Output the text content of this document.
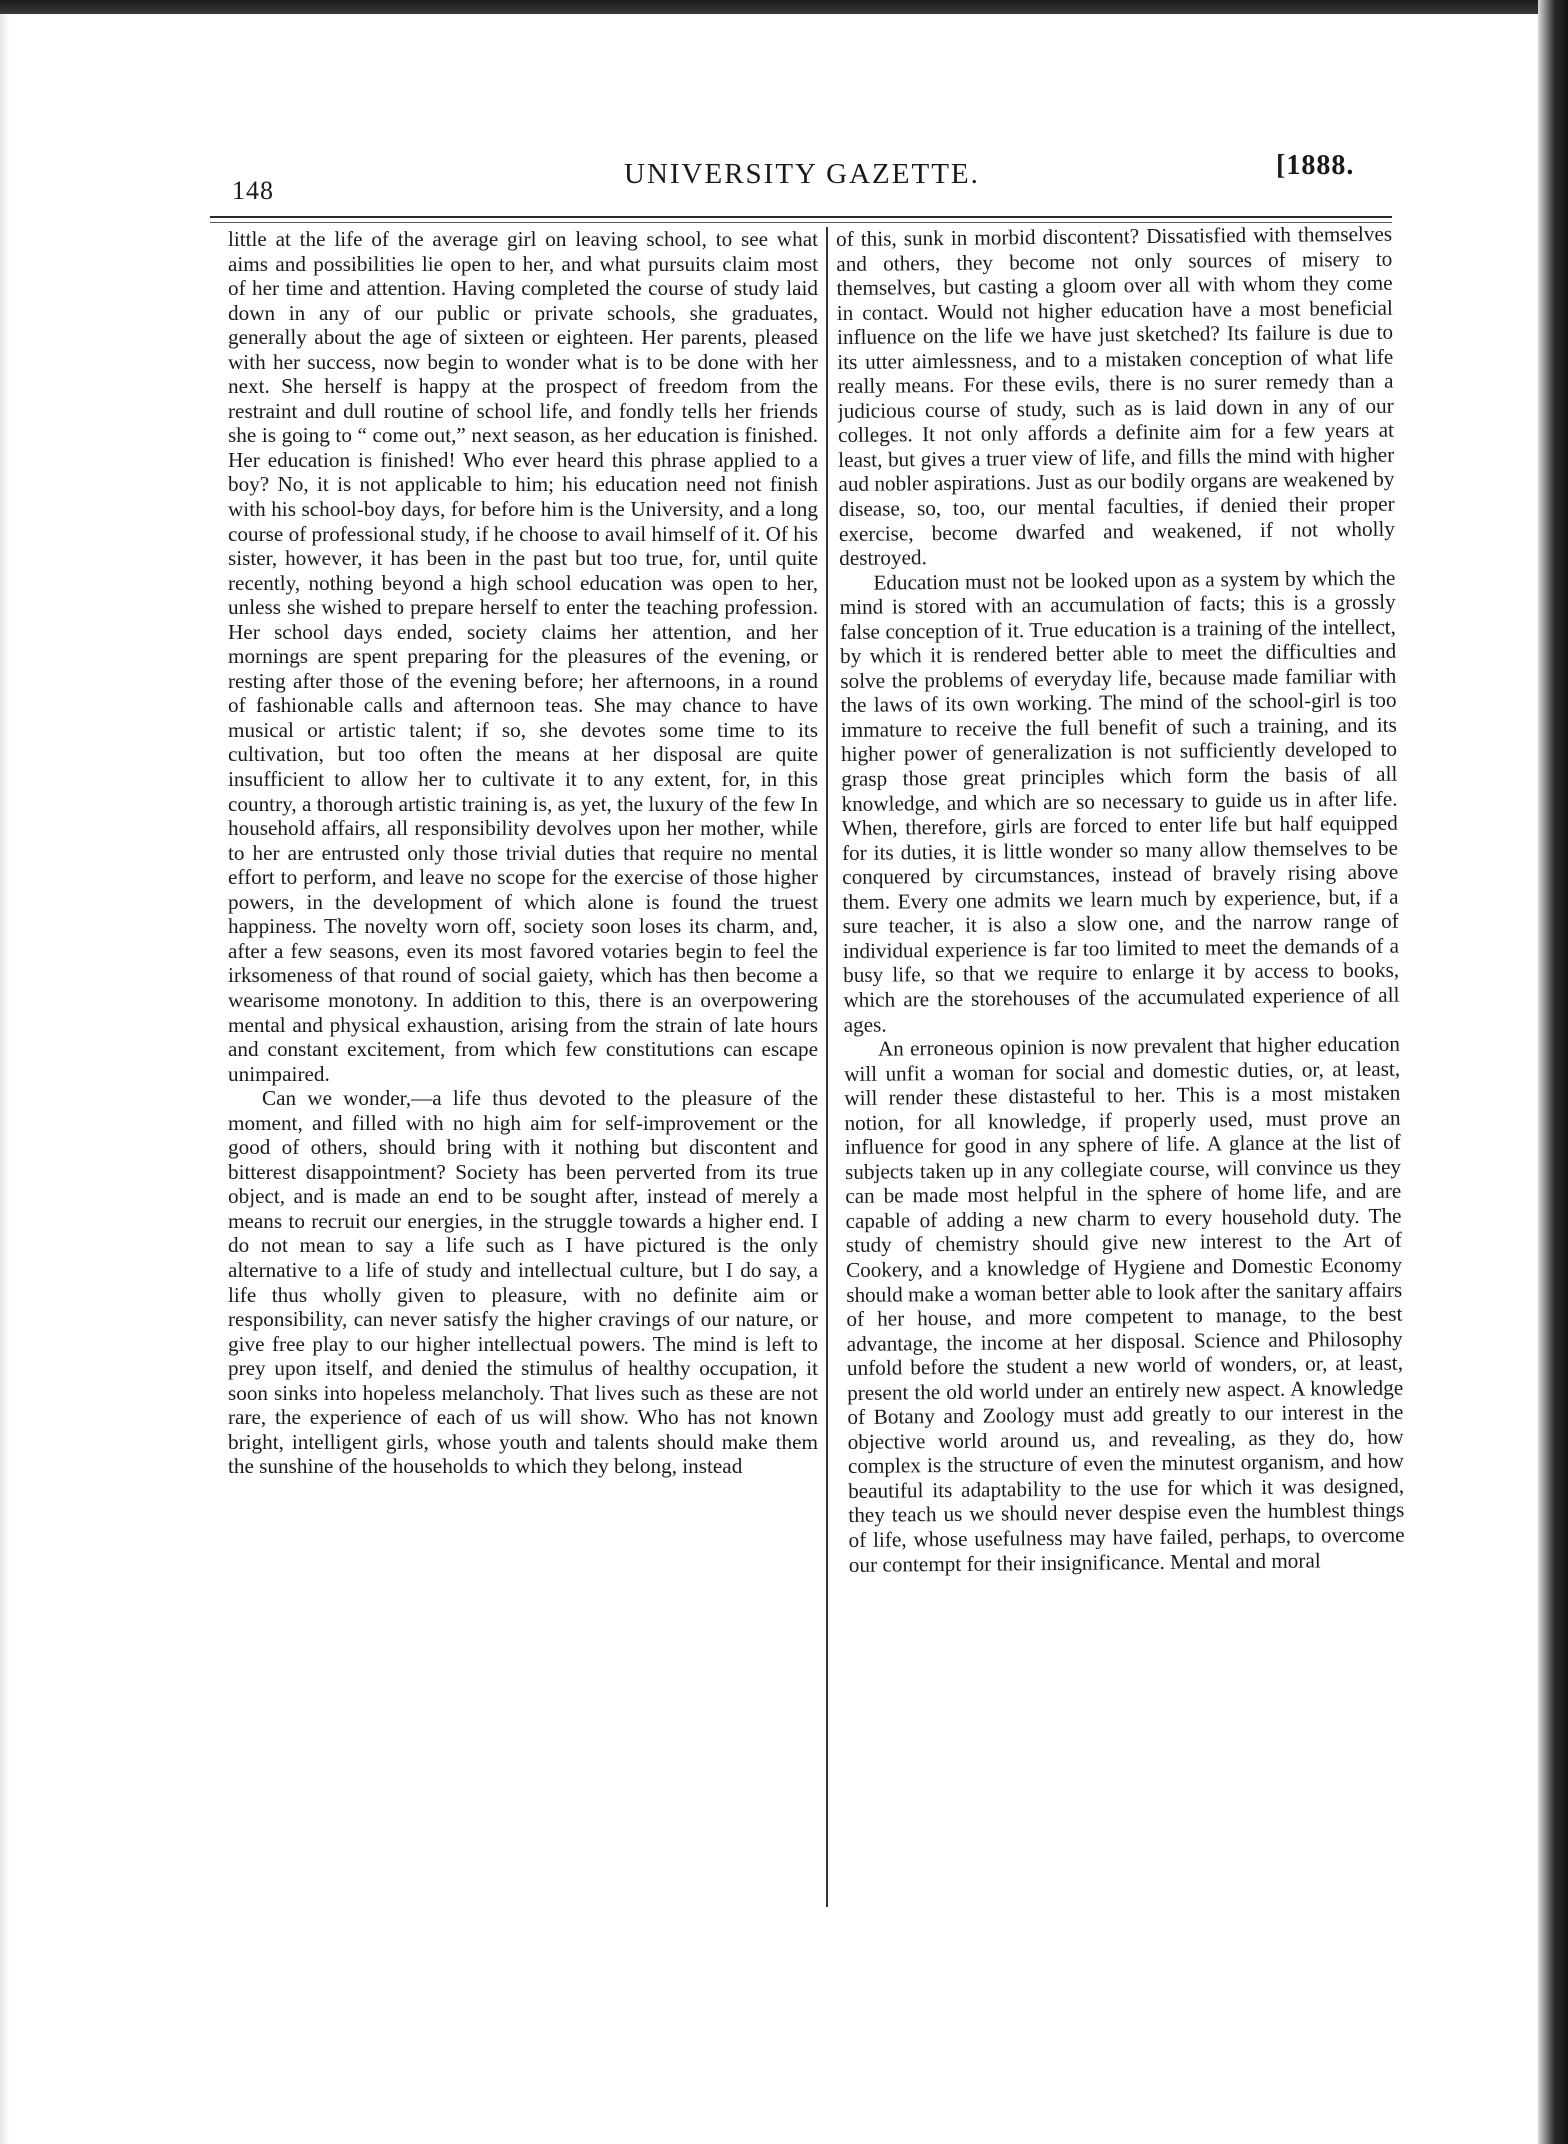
148
UNIVERSITY GAZETTE.	[1888.

little at the life of the average girl on leaving school, to see what aims and possibilities lie open to her, and what pursuits claim most of her time and attention. Having completed the course of study laid down in any of our public or private schools, she graduates, generally about the age of sixteen or eighteen. Her parents, pleased with her success, now begin to wonder what is to be done with her next. She herself is happy at the prospect of freedom from the restraint and dull routine of school life, and fondly tells her friends she is going to “ come out,” next season, as her education is finished. Her education is finished! Who ever heard this phrase applied to a boy? No, it is not applicable to him; his education need not finish with his school-boy days, for before him is the University, and a long course of professional study, if he choose to avail himself of it. Of his sister, however, it has been in the past but too true, for, until quite recently, nothing beyond a high school education was open to her, unless she wished to prepare herself to enter the teaching profession. Her school days ended, society claims her attention, and her mornings are spent preparing for the pleasures of the evening, or resting after those of the evening before; her afternoons, in a round of fashionable calls and afternoon teas. She may chance to have musical or artistic talent; if so, she devotes some time to its cultivation, but too often the means at her disposal are quite insufficient to allow her to cultivate it to any extent, for, in this country, a thorough artistic training is, as yet, the luxury of the few In household affairs, all responsibility devolves upon her mother, while to her are entrusted only those trivial duties that require no mental effort to perform, and leave no scope for the exercise of those higher powers, in the development of which alone is found the truest happiness. The novelty worn off, society soon loses its charm, and, after a few seasons, even its most favored votaries begin to feel the irksomeness of that round of social gaiety, which has then become a wearisome monotony. In addition to this, there is an overpowering mental and physical exhaustion, arising from the strain of late hours and constant excitement, from which few constitutions can escape unimpaired.

Can we wonder,—a life thus devoted to the pleasure of the moment, and filled with no high aim for self-improvement or the good of others, should bring with it nothing but discontent and bitterest disappointment? Society has been perverted from its true object, and is made an end to be sought after, instead of merely a means to recruit our energies, in the struggle towards a higher end. I do not mean to say a life such as I have pictured is the only alternative to a life of study and intellectual culture, but I do say, a life thus wholly given to pleasure, with no definite aim or responsibility, can never satisfy the higher cravings of our nature, or give free play to our higher intellectual powers. The mind is left to prey upon itself, and denied the stimulus of healthy occupation, it soon sinks into hopeless melancholy. That lives such as these are not rare, the experience of each of us will show. Who has not known bright, intelligent girls, whose youth and talents should make them the sunshine of the households to which they belong, instead

of this, sunk in morbid discontent? Dissatisfied with themselves and others, they become not only sources of misery to themselves, but casting a gloom over all with whom they come in contact. Would not higher education have a most beneficial influence on the life we have just sketched? Its failure is due to its utter aimlessness, and to a mistaken conception of what life really means. For these evils, there is no surer remedy than a judicious course of study, such as is laid down in any of our colleges. It not only affords a definite aim for a few years at least, but gives a truer view of life, and fills the mind with higher aud nobler aspirations. Just as our bodily organs are weakened by disease, so, too, our mental faculties, if denied their proper exercise, become dwarfed and weakened, if not wholly destroyed.

Education must not be looked upon as a system by which the mind is stored with an accumulation of facts; this is a grossly false conception of it. True education is a training of the intellect, by which it is rendered better able to meet the difficulties and solve the problems of everyday life, because made familiar with the laws of its own working. The mind of the school-girl is too immature to receive the full benefit of such a training, and its higher power of generalization is not sufficiently developed to grasp those great principles which form the basis of all knowledge, and which are so necessary to guide us in after life. When, therefore, girls are forced to enter life but half equipped for its duties, it is little wonder so many allow themselves to be conquered by circumstances, instead of bravely rising above them. Every one admits we learn much by experience, but, if a sure teacher, it is also a slow one, and the narrow range of individual experience is far too limited to meet the demands of a busy life, so that we require to enlarge it by access to books, which are the storehouses of the accumulated experience of all ages.

An erroneous opinion is now prevalent that higher education will unfit a woman for social and domestic duties, or, at least, will render these distasteful to her. This is a most mistaken notion, for all knowledge, if properly used, must prove an influence for good in any sphere of life. A glance at the list of subjects taken up in any collegiate course, will convince us they can be made most helpful in the sphere of home life, and are capable of adding a new charm to every household duty. The study of chemistry should give new interest to the Art of Cookery, and a knowledge of Hygiene and Domestic Economy should make a woman better able to look after the sanitary affairs of her house, and more competent to manage, to the best advantage, the income at her disposal. Science and Philosophy unfold before the student a new world of wonders, or, at least, present the old world under an entirely new aspect. A knowledge of Botany and Zoology must add greatly to our interest in the objective world around us, and revealing, as they do, how complex is the structure of even the minutest organism, and how beautiful its adaptability to the use for which it was designed, they teach us we should never despise even the humblest things of life, whose usefulness may have failed, perhaps, to overcome our contempt for their insignificance. Mental and moral
